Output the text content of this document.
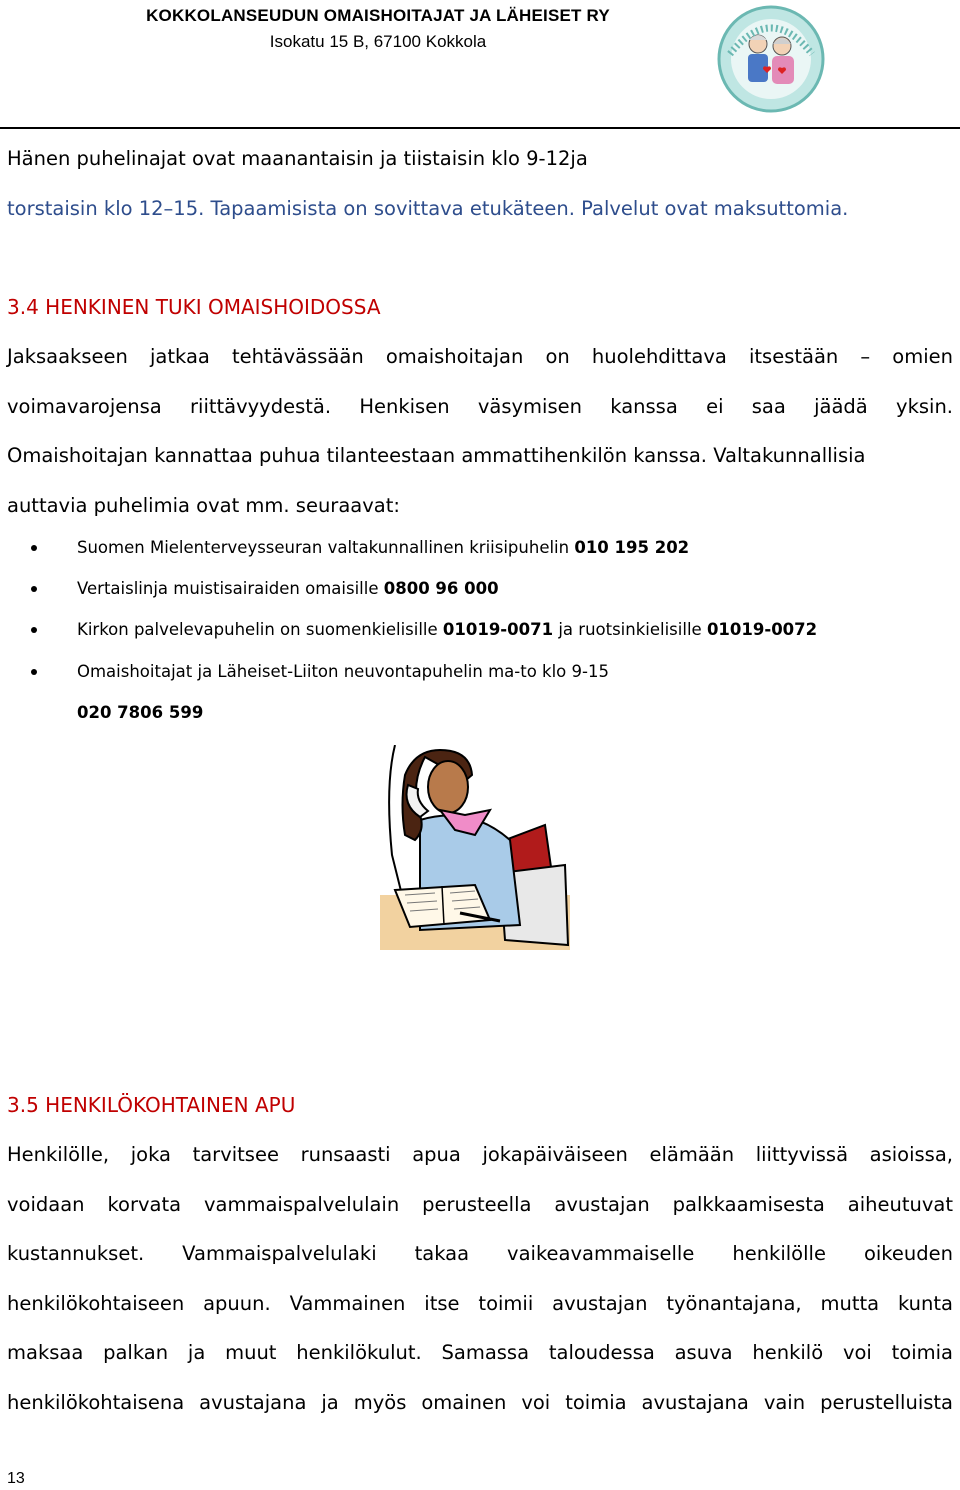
KOKKOLANSEUDUN OMAISHOITAJAT JA LÄHEISET RY
Isokatu 15 B, 67100 Kokkola
Hänen puhelinajat ovat maanantaisin ja tiistaisin klo 9-12ja
torstaisin klo 12–15. Tapaamisista on sovittava etukäteen. Palvelut ovat maksuttomia.
3.4 HENKINEN TUKI OMAISHOIDOSSA
Jaksaakseen jatkaa tehtävässään omaishoitajan on huolehdittava itsestään – omien
voimavarojensa riittävyydestä. Henkisen väsymisen kanssa ei saa jäädä yksin.
Omaishoitajan kannattaa puhua tilanteestaan ammattihenkilön kanssa. Valtakunnallisia
auttavia puhelimia ovat mm. seuraavat:
Suomen Mielenterveysseuran valtakunnallinen kriisipuhelin 010 195 202
Vertaislinja muistisairaiden omaisille 0800 96 000
Kirkon palvelevapuhelin on suomenkielisille 01019-0071 ja ruotsinkielisille 01019-0072
Omaishoitajat ja Läheiset-Liiton neuvontapuhelin ma-to klo 9-15
020 7806 599
3.5 HENKILÖKOHTAINEN APU
Henkilölle, joka tarvitsee runsaasti apua jokapäiväiseen elämään liittyvissä asioissa,
voidaan korvata vammaispalvelulain perusteella avustajan palkkaamisesta aiheutuvat
kustannukset. Vammaispalvelulaki takaa vaikeavammaiselle henkilölle oikeuden
henkilökohtaiseen apuun. Vammainen itse toimii avustajan työnantajana, mutta kunta
maksaa palkan ja muut henkilökulut. Samassa taloudessa asuva henkilö voi toimia
henkilökohtaisena avustajana ja myös omainen voi toimia avustajana vain perustelluista
13
